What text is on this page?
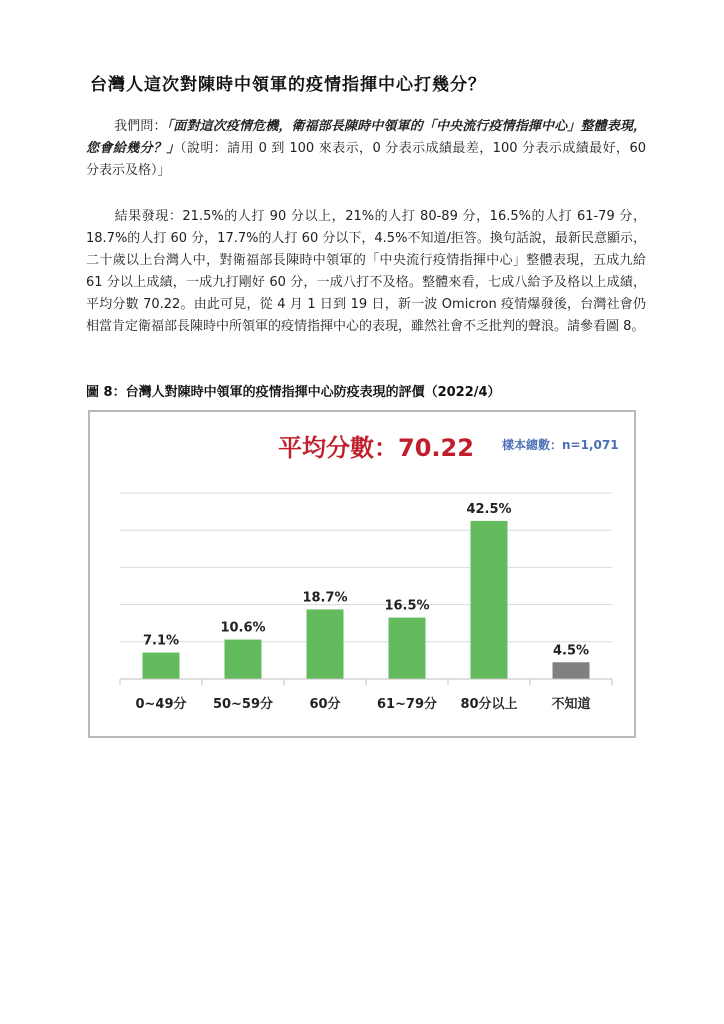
台灣人這次對陳時中領軍的疫情指揮中心打幾分？
我們問：「面對這次疫情危機，衛福部長陳時中領軍的「中央流行疫情指揮中心」整體表現，您會給幾分？」（說明：請用 0 到 100 來表示，0 分表示成績最差，100 分表示成績最好，60 分表示及格）」
結果發現：21.5%的人打 90 分以上，21%的人打 80-89 分，16.5%的人打 61-79 分，18.7%的人打 60 分，17.7%的人打 60 分以下，4.5%不知道/拒答。換句話說，最新民意顯示，二十歲以上台灣人中，對衛福部長陳時中領軍的「中央流行疫情指揮中心」整體表現，五成九給 61 分以上成績，一成九打剛好 60 分，一成八打不及格。整體來看，七成八給予及格以上成績，平均分數 70.22。由此可見，從 4 月 1 日到 19 日，新一波 Omicron 疫情爆發後，台灣社會仍相當肯定衛福部長陳時中所領軍的疫情指揮中心的表現，雖然社會不乏批判的聲浪。請參看圖 8。
圖 8：台灣人對陳時中領軍的疫情指揮中心防疫表現的評價（2022/4）
平均分數：70.22 樣本總數：n=1,071
7.1%
0~49分
10.6%
50~59分
18.7%
60分
16.5%
61~79分
42.5%
80分以上
4.5%
不知道
